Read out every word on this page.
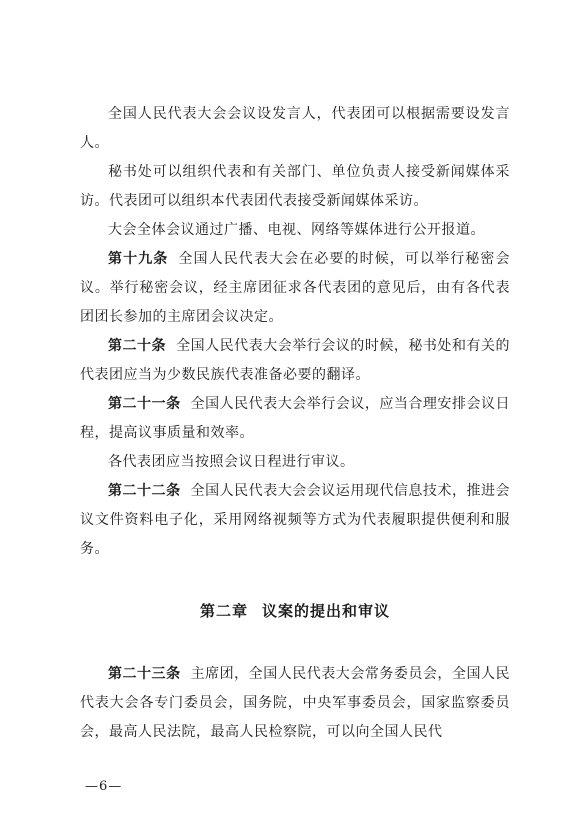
全国人民代表大会会议设发言人，代表团可以根据需要设发言人。

秘书处可以组织代表和有关部门、单位负责人接受新闻媒体采访。代表团可以组织本代表团代表接受新闻媒体采访。

大会全体会议通过广播、电视、网络等媒体进行公开报道。

第十九条 全国人民代表大会在必要的时候，可以举行秘密会议。举行秘密会议，经主席团征求各代表团的意见后，由有各代表团团长参加的主席团会议决定。

第二十条 全国人民代表大会举行会议的时候，秘书处和有关的代表团应当为少数民族代表准备必要的翻译。

第二十一条 全国人民代表大会举行会议，应当合理安排会议日程，提高议事质量和效率。

各代表团应当按照会议日程进行审议。

第二十二条 全国人民代表大会会议运用现代信息技术，推进会议文件资料电子化，采用网络视频等方式为代表履职提供便利和服务。

第二章 议案的提出和审议

第二十三条 主席团，全国人民代表大会常务委员会，全国人民代表大会各专门委员会，国务院，中央军事委员会，国家监察委员会，最高人民法院，最高人民检察院，可以向全国人民代

—6—
